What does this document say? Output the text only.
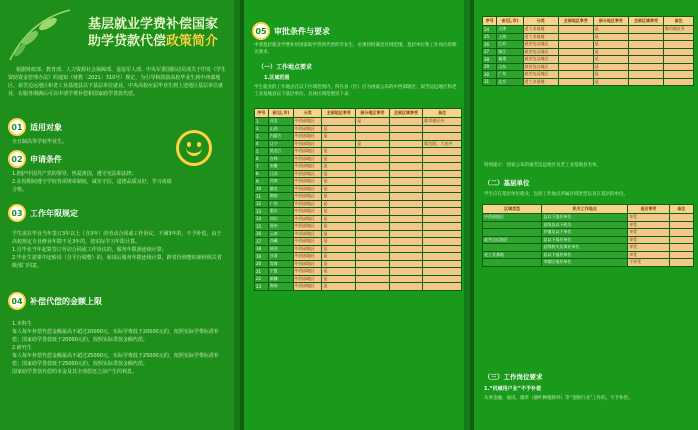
基层就业学费补偿国家
助学贷款代偿政策简介
根据财政部、教育部、人力资源社会保障部、退役军人部、中央军委国防动员部关于印发《学生资助资金管理办法》的通知（财教〔2021〕310号）规定，为引导和鼓励高校毕业生到中西部地区、艰苦边远地区和老工业基地县以下基层单位就业，中央高校应届毕业生到上述地区基层单位就业，在服务期满后可以申请学费补偿和国家助学贷款代偿。
01 适用对象
全日制高等学校毕业生。
02 申请条件
1.拥护中国共产党的领导，热爱祖国，遵守宪法和法律；
2.在校期间遵守学校各项规章制度，诚实守信，道德品质良好，学习成绩合格。
03 工作年限规定
学生需在毕业当年签订3年以上（含3年）的劳动合同或工作协议，不满3年的，不予补偿。由于高校规定专业修业年限不足3年的，按实际学习年限计算。
1.自毕业当年起算签订劳动合同或工作协议的，服务年限须连续计算；
2.毕业生需要中途转岗（含平行调整）的，转岗后服务年限连续计算，跨省份调整的须经相关省级部门同意。
04 补偿代偿的金额上限
1.本科生
每人每年补偿代偿金额最高不超过20000元，实际学费低于20000元的，按照实际学费标准补偿；国家助学贷款低于20000元的，按照实际贷款金额代偿。
2.研究生
每人每年补偿代偿金额最高不超过25000元，实际学费低于25000元的，按照实际学费标准补偿；国家助学贷款低于25000元的，按照实际贷款金额代偿。
国家助学贷款代偿的本金及其全部偿还之前产生的利息。
05 审批条件与要求
申请基层就业学费补偿国家助学贷款代偿的毕业生，必须同时满足区域范围、基层单位和工作岗位的相关要求。
（一）工作地点要求
1.区域范围
学生就业的工作地点在以下区域范围内，所在县（区）应为国家公布的中西部地区、艰苦边远地区和老工业基地县以下基层单位。具体区域范围见下表：
序号	省(区,市)	分类	全部地区享受	部分地区享受	全部区域享受	备注
1	河北	中西部地区		是		除市辖区外
2	山西	中西部地区	是			
3	内蒙古	中西部地区	是			
4	辽宁	中西部地区		是		除沈阳、大连外
5	黑龙江	中西部地区	是			
6	吉林	中西部地区	是			
7	安徽	中西部地区	是			
8	江西	中西部地区	是			
9	河南	中西部地区	是			
10	湖北	中西部地区	是			
11	湖南	中西部地区	是			
12	广西	中西部地区	是			
13	重庆	中西部地区	是			
14	四川	中西部地区	是			
15	贵州	中西部地区	是			
16	云南	中西部地区	是			
17	西藏	中西部地区	是			
18	陕西	中西部地区	是			
19	甘肃	中西部地区	是			
20	青海	中西部地区	是			
21	宁夏	中西部地区	是			
22	新疆	中西部地区	是			
23	海南	中西部地区	是			
序号	省(区,市)	分类	全部地区享受	部分地区享受	全部区域享受	备注
24	天津	老工业基地		是		除市辖区外
25	上海	老工业基地		是		
26	江苏	艰苦边远地区		是		
27	浙江	艰苦边远地区		是		
28	福建	艰苦边远地区		是		
29	山东	艰苦边远地区		是		
30	广东	艰苦边远地区		是		
31	北京	老工业基地		是		
特别提示：国家公布的艰苦边远地区及老工业基地县名单。
（二）基层单位
学生应在基层单位就业，包括工作地点所属区域类型以及在基层的单位。
区域类型	机关工作地点	是否享受	备注
中西部地区	县以下基层单位	享受	
	县级及以下机关	享受	
	乡镇及以下单位	享受	
艰苦边远地区	县以下基层单位	享受	
	县级机关及事业单位	享受	
老工业基地	县以下基层单位	享受	
	市辖区基层单位	不享受	
（三）工作岗位要求
1.“机械用户业”不予补偿
从事金融、通讯、烟草（烟叶种植除外）等“垄断行业”工作的，不予补偿。
